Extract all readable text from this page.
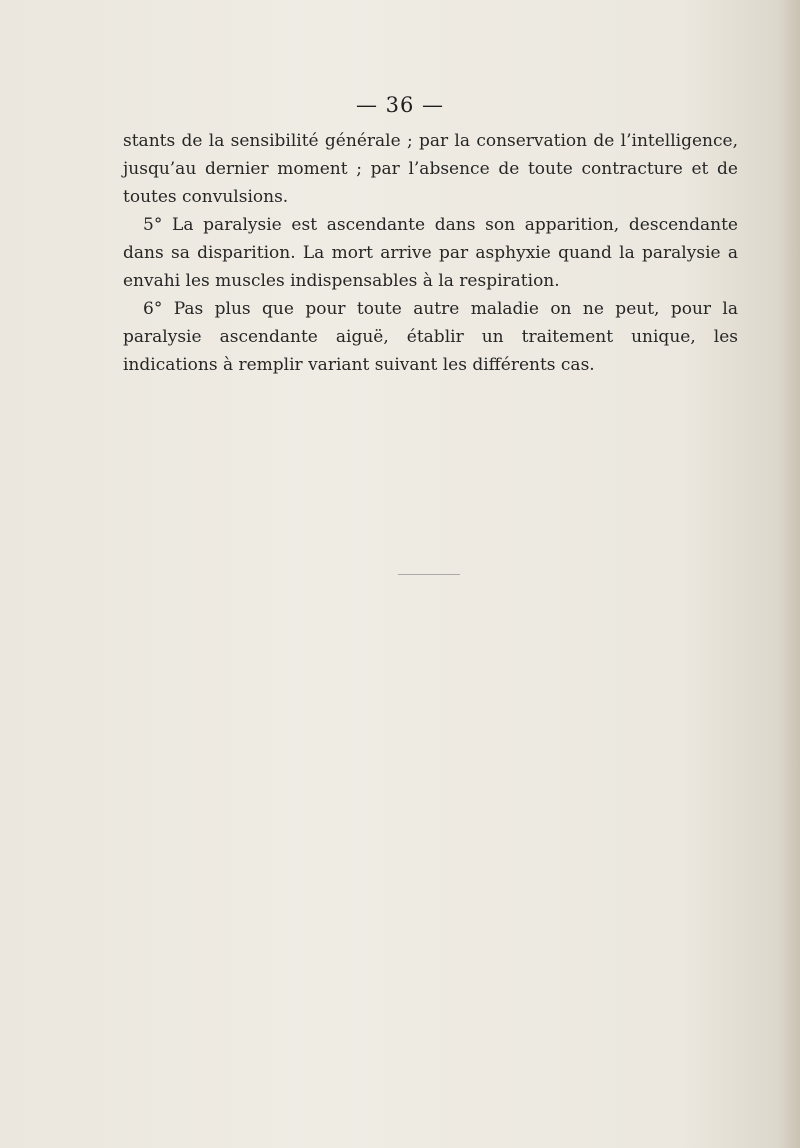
— 36 —

stants de la sensibilité générale ; par la conservation de l’intelligence, jusqu’au dernier moment ; par l’absence de toute contracture et de toutes convulsions.

5° La paralysie est ascendante dans son apparition, descendante dans sa disparition. La mort arrive par asphyxie quand la paralysie a envahi les muscles indispensables à la respiration.

6° Pas plus que pour toute autre maladie on ne peut, pour la paralysie ascendante aiguë, établir un traitement unique, les indications à remplir variant suivant les différents cas.
